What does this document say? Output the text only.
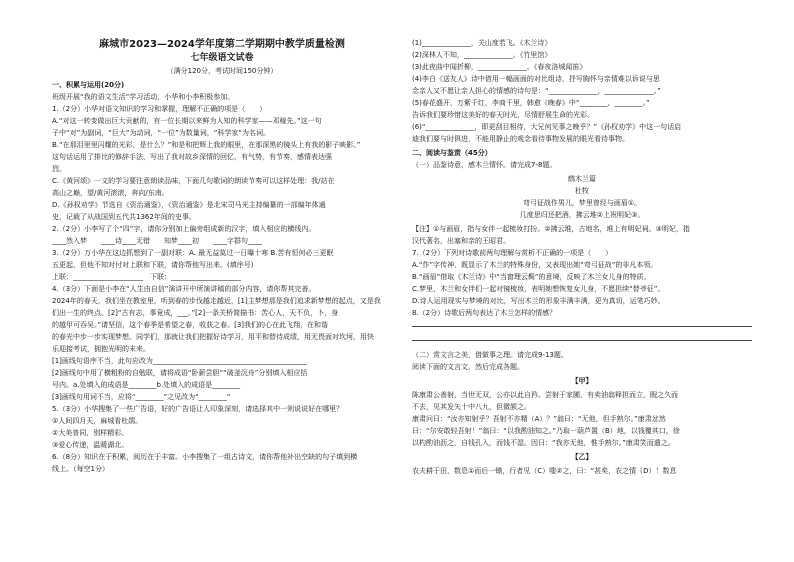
麻城市2023—2024学年度第二学期期中教学质量检测
七年级语文试卷
（满分120分，考试时间150分钟）
一、积累与运用(20分)
班级开展“我的语文生活”学习活动，小华和小李积极参加。
1.（2分）小华对语文知识的学习和掌握，理解不正确的项是（　　）
A.“对这一转变做出巨大贡献的，有一位长期以来鲜为人知的科学家——邓稼先。”这一句
子中“对”为副词，“巨大”为动词，“一位”为数量词，“科学家”为名词。
B.“在那泪里里闪耀的光彩，是什么？”和是和把辉上我的眼里，在那深黑的镜头上有我的影子映影。”
这句话运用了排比的修辞手法，写出了我对故乡深情的回忆，有气势，有节奏，感情表达强
烈。
C.《黄河颂》一文的学习要注意朗读品味，下面几句歌词的朗读节奏可以这样处理：我/站在
高山之巅，望/黄河滚滚，奔向/东南。
D.《孙权劝学》节选自《资治通鉴》，《资治通鉴》是北宋司马光主持编纂的一部编年体通
史，记载了从战国到五代共1362年间的史事。
2.（2分）小李写了个“四”字，请你分别加上偏旁组成新的汉字，填入相应的横线内。
____然入梦　　____诗____无错　　知梦____初　　____字群句____
3.（2分）万小华在这边抓想到了一副对联：A. 最无益莫过一日曝十寒 B.苦有恒何必三更眠
五更起，但他不知对付对上联和下联，请你帮他写出来。(填序号)
上联：____________________　下联：____________________
4.（3分）下面是小李在“人生由自信”演讲开中所演讲稿的部分内容，请你帮其完善。
2024年的春天，我们坐在教室里，听到春的步伐越走越近，[1]主梦想那是我们追求新梦想的起点，又是我
们出一生的终点。[2]“古有志，事竟成，___。”[2]一条关桥简描书：苦心人，天不负，卜，身
的越甲可吞吴。”请坚信，这个春季是希望之春，收获之春。[3]我们的心在此飞翔，在和谐
的春光中步一步实现梦想。同学们，那就让我们把握好诗学习，用平和替待成绩，用无畏面对坎坷，用快
乐迎接考试，拥抱光明的未来。
[1]画线句语序不当，此句应改为____________________________________________
[2]画线句中用了横粗粉的自勉联，请将成语“卧薪尝胆”“破釜沉舟”分别填入相应括
号内。a.处填入的成语是________b.处填入的成语是________
[3]画线句用词不当，应将“________”之见改为“________”
5.（3分）小华搜集了一些广告语，好的广告语让人印象深刻，请选择其中一则说说好在哪里？
①人间四月天，麻城看杜鹃。
②大美普同，别样精彩。
③爱心传递，温暖湖北。
6.（8分）知识在于积累，阅历在于丰富。小李搜集了一组古诗文，请你帮他补出空缺的句子填到横
线上。（每空1分）
(1)______________，关山度若飞。《木兰诗》
(2)深林人不知，______________。《竹里馆》
(3)此夜曲中闻折柳，______________。《春夜洛城闻笛》
(4)李白《送友人》诗中借用一幅画面的对比组诗，抒写胸怀与亲情难以诉说与思
念亲人又不愿让亲人担心的情感的诗句是：“______________，______________。”
(5)春花盛开，万紫千红，李商千里，韩愈《晚春》中“________，________。”
告诉我们要珍惜这美好的春天时光，尽情舒展生命的光彩。
(6)“______________，即更刮目相待，大兄何见事之晚乎？”《孙权劝学》中这一句话启
迪我们要与时俱进，不能用静止的观念看待事物发展的眼光看待事物。
二、阅读与鉴赏（45分）
（一）品鉴诗意，感木兰情怀。请完成7-8题。
鹧木兰篇
杜牧
弯弓征战作男儿，梦里曾经与画眉①。
几度思归还把酒，拂云堆②上祝明妃③。
【注】①与画眉，指与女伴一起梳妆打扮。②拂云堆，古地名，堆上有明妃祠。③明妃，指
汉代著名，出塞和亲的王昭君。
7.（2分）下列对诗歌前两句理解与赏析不正确的一项是（　　）
A.“作”字传神，既显示了木兰的特殊身份，又表现出她“弯弓征战”的非凡本领。
B.“画眉”借取《木兰诗》中“当窗理云鬓”的意境，反映了木兰女儿身的特质。
C.梦里，木兰和女伴们一起对镜梳妆，表明她想恢复女儿身，不愿担续“替爷征”。
D.诗人运用现实与梦境的对比，写出木兰的形象丰满丰满，更为真切，运笔巧妙。
8.（2分）诗歌后两句表达了木兰怎样的情感？
（二）赏文言之美，借做事之理。请完成9-13题。
阅读下面的文言文，然后完成各题。
【甲】
陈康肃公善射，当世无双，公亦以此自矜。尝射于家圃，有卖油翁释担而立，睨之久而
不去，见其发矢十中八九，但微颔之。
康肃问曰：“汝亦知射乎？吾射不亦精（A）？”翁曰：“无他，但手熟尔。”康肃忿然
曰：“尔安敢轻吾射！”翁曰：“以我酌油知之。”乃取一葫芦置（B）地，以钱覆其口，徐
以杓酌油沥之，自钱孔入，而钱不湿。因曰：“我亦无他，惟手熟尔。”康肃笑而遣之。
【乙】
农夫耕于田，数息①而后一锄，行者见（C）嗤②之，曰：“甚矣，农之情（D）！数息
